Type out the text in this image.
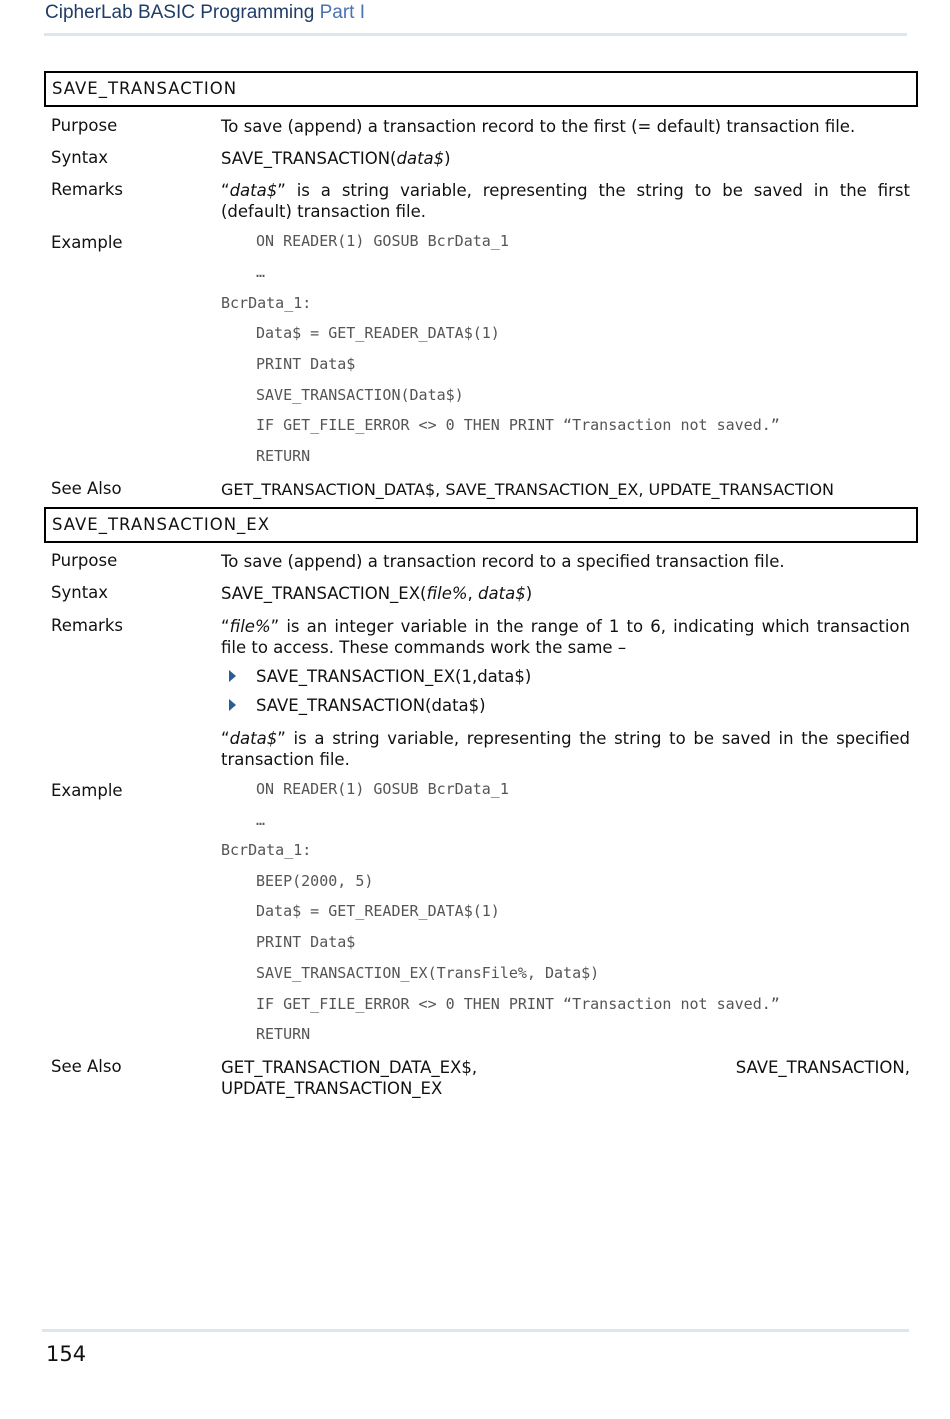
CipherLab BASIC Programming Part I
SAVE_TRANSACTION
Purpose	To save (append) a transaction record to the first (= default) transaction file.
Syntax	SAVE_TRANSACTION(data$)
Remarks	“data$” is a string variable, representing the string to be saved in the first (default) transaction file.
Example	ON READER(1) GOSUB BcrData_1
…
BcrData_1:
Data$ = GET_READER_DATA$(1)
PRINT Data$
SAVE_TRANSACTION(Data$)
IF GET_FILE_ERROR <> 0 THEN PRINT “Transaction not saved.”
RETURN
See Also	GET_TRANSACTION_DATA$, SAVE_TRANSACTION_EX, UPDATE_TRANSACTION
SAVE_TRANSACTION_EX
Purpose	To save (append) a transaction record to a specified transaction file.
Syntax	SAVE_TRANSACTION_EX(file%, data$)
Remarks	“file%” is an integer variable in the range of 1 to 6, indicating which transaction file to access. These commands work the same –
SAVE_TRANSACTION_EX(1,data$)
SAVE_TRANSACTION(data$)
“data$” is a string variable, representing the string to be saved in the specified transaction file.
Example	ON READER(1) GOSUB BcrData_1
…
BcrData_1:
BEEP(2000, 5)
Data$ = GET_READER_DATA$(1)
PRINT Data$
SAVE_TRANSACTION_EX(TransFile%, Data$)
IF GET_FILE_ERROR <> 0 THEN PRINT “Transaction not saved.”
RETURN
See Also	GET_TRANSACTION_DATA_EX$,	SAVE_TRANSACTION,
UPDATE_TRANSACTION_EX
154
